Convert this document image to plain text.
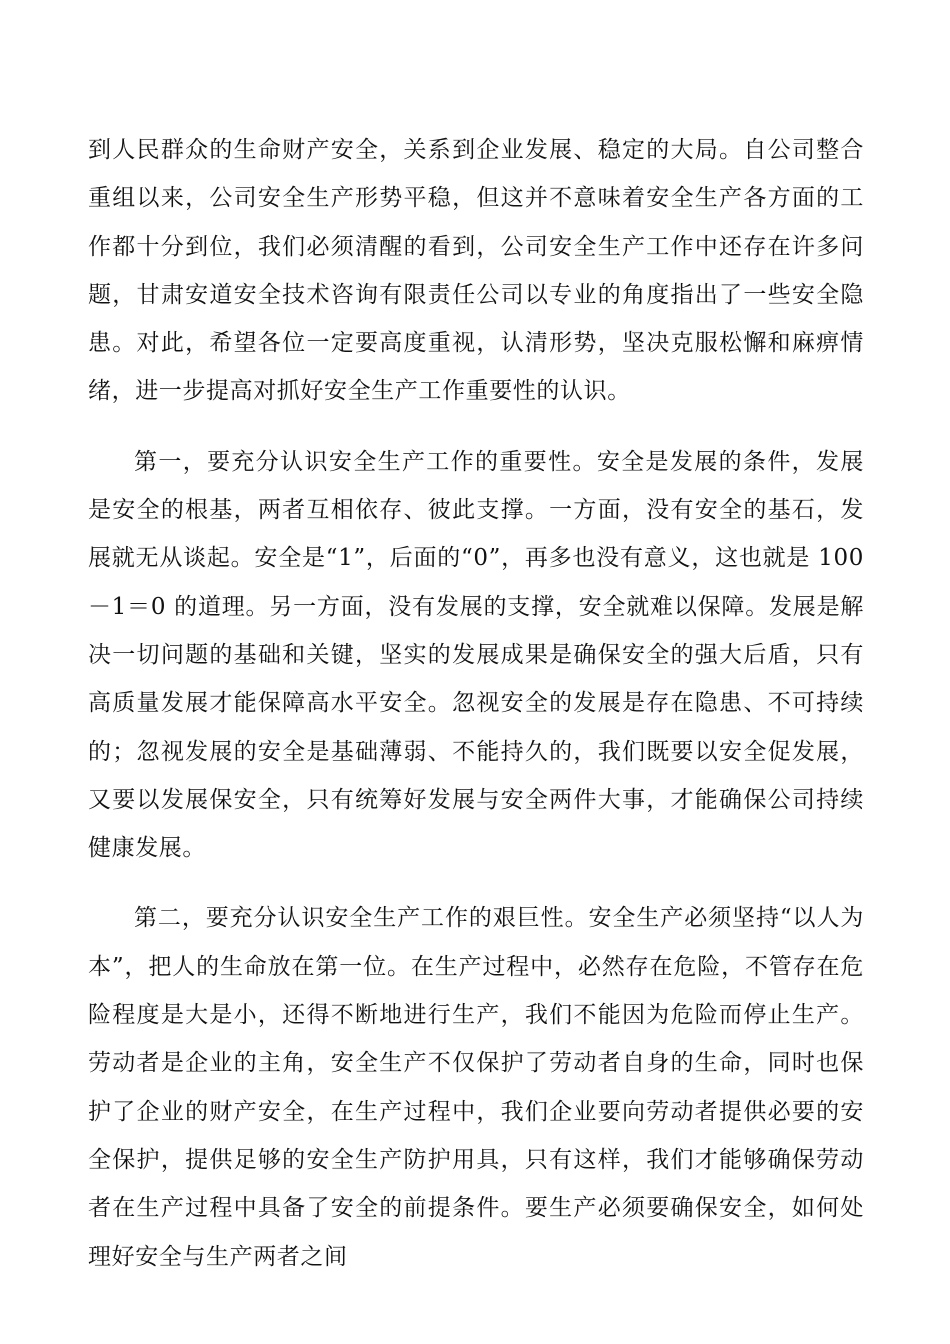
到人民群众的生命财产安全，关系到企业发展、稳定的大局。自公司整合重组以来，公司安全生产形势平稳，但这并不意味着安全生产各方面的工作都十分到位，我们必须清醒的看到，公司安全生产工作中还存在许多问题，甘肃安道安全技术咨询有限责任公司以专业的角度指出了一些安全隐患。对此，希望各位一定要高度重视，认清形势，坚决克服松懈和麻痹情绪，进一步提高对抓好安全生产工作重要性的认识。

第一，要充分认识安全生产工作的重要性。安全是发展的条件，发展是安全的根基，两者互相依存、彼此支撑。一方面，没有安全的基石，发展就无从谈起。安全是“1”，后面的“0”，再多也没有意义，这也就是 100－1＝0 的道理。另一方面，没有发展的支撑，安全就难以保障。发展是解决一切问题的基础和关键，坚实的发展成果是确保安全的强大后盾，只有高质量发展才能保障高水平安全。忽视安全的发展是存在隐患、不可持续的；忽视发展的安全是基础薄弱、不能持久的，我们既要以安全促发展，又要以发展保安全，只有统筹好发展与安全两件大事，才能确保公司持续健康发展。

第二，要充分认识安全生产工作的艰巨性。安全生产必须坚持“以人为本”，把人的生命放在第一位。在生产过程中，必然存在危险，不管存在危险程度是大是小，还得不断地进行生产，我们不能因为危险而停止生产。劳动者是企业的主角，安全生产不仅保护了劳动者自身的生命，同时也保护了企业的财产安全，在生产过程中，我们企业要向劳动者提供必要的安全保护，提供足够的安全生产防护用具，只有这样，我们才能够确保劳动者在生产过程中具备了安全的前提条件。要生产必须要确保安全，如何处理好安全与生产两者之间
